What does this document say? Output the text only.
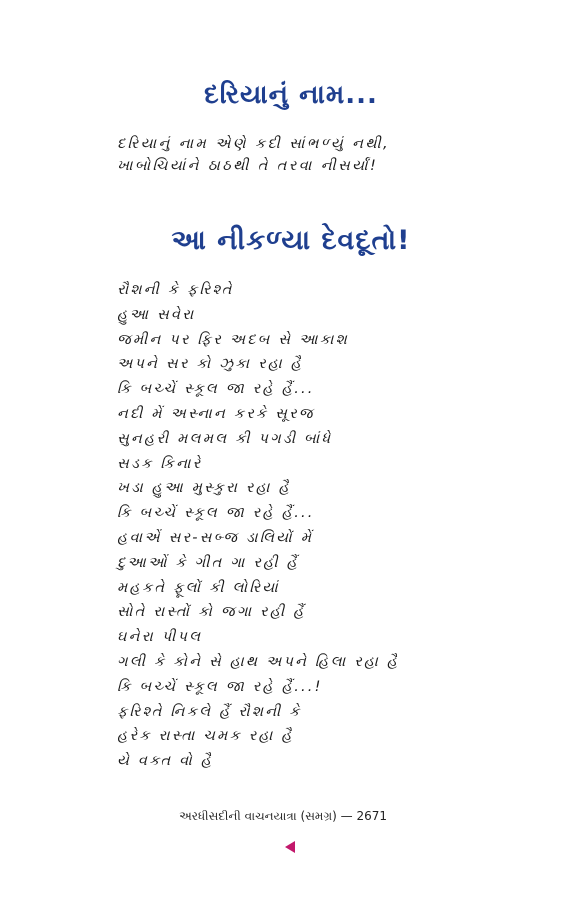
દરિયાનું નામ...
દરિયાનું નામ એણે કદી સાંભળ્યું નથી,
ખાબોચિયાંને ઠાઠથી તે તરવા નીસર્યાં!
આ નીકળ્યા દેવદૂતો!
રૌશની કે ફરિશ્તે
હુઆ સવેરા
જમીન પર ફિર અદબ સે આકાશ
અપને સર કો ઝુકા રહા હૈ
કિ બચ્ચેં સ્કૂલ જા રહે હૈં...
નદી મેં અસ્નાન કરકે સૂરજ
સુનહરી મલમલ કી પગડી બાંધે
સડક કિનારે
ખડા હુઆ મુસ્કુરા રહા હૈ
કિ બચ્ચેં સ્કૂલ જા રહે હૈં...
હવાએં સર-સબ્જ ડાલિયોં મેં
દુઆઓં કે ગીત ગા રહી હૈં
મહકતે ફૂલોં કી લોરિયાં
સોતે રાસ્તોં કો જગા રહી હૈં
ઘનેરા પીપલ
ગલી કે કોને સે હાથ અપને હિલા રહા હૈ
કિ બચ્ચેં સ્કૂલ જા રહે હૈં...!
ફરિશ્તે નિકલે હૈં રૌશની કે
હરેક રાસ્તા ચમક રહા હૈ
યે વક્ત વો હૈ
અરધીસદીની વાચનયાત્રા (સમગ્ર) — 2671
